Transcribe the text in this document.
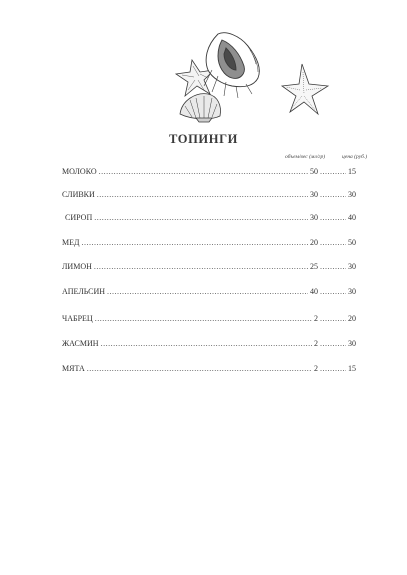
ТОПИНГИ
объем/вес (мл/гр)	цена (руб.)
МОЛОКО .....	50 .....	15
СЛИВКИ .....	30 .....	30
СИРОП .....	30 .....	40
МЕД .....	20 .....	50
ЛИМОН .....	25 .....	30
АПЕЛЬСИН .....	40 .....	30
ЧАБРЕЦ .....	2 .....	20
ЖАСМИН .....	2 .....	30
МЯТА .....	2 .....	15
